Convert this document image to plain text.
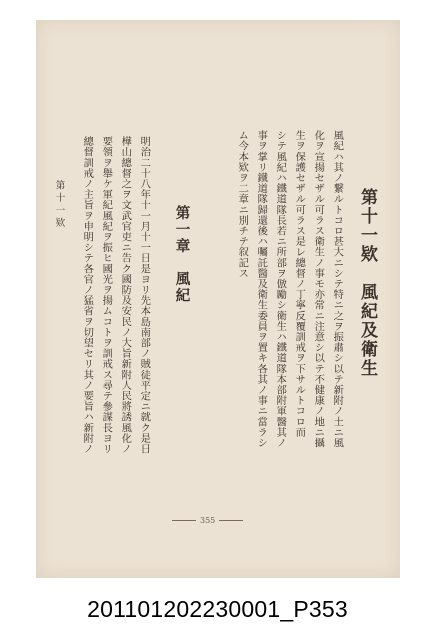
第十一欵　風紀及衛生
風紀ハ其ノ繋ルトコロ甚大ニシテ特ニ之ヲ振肅シ以テ新附ノ土ニ風
化ヲ宣揚セザル可ラス衛生ノ事モ亦常ニ注意シ以テ不健康ノ地ニ攝
生ヲ保護セザル可ラス是レ總督ノ丁寧反覆訓戒ヲ下サルトコロ而
シテ風紀ハ鐵道隊長若ニ所部ヲ倣勵シ衛生ハ鐵道隊本部附軍醫其ノ
事ヲ掌リ鐵道隊歸還後ハ囑託醫及衛生委員ヲ置キ各其ノ事ニ當ラシ
ム今本欵ヲ二章ニ別チテ叙記ス
第一章　風紀
明治二十八年十一月十一日是ヨリ先本島南部ノ賊徒平定ニ就ク是日
樺山總督之ヲ文武官吏ニ告ク國防及安民ノ大旨新附人民將誘風化ノ
要領ヲ舉ケ軍紀風紀ヲ振ヒ國光ヲ揚ムコトヲ訓戒ス尋テ參謀長ヨリ
總督訓戒ノ主旨ヲ申明シテ各官ノ猛省ヲ切望セリ其ノ要旨ハ新附ノ
第十一欵
355
201101202230001_P353
